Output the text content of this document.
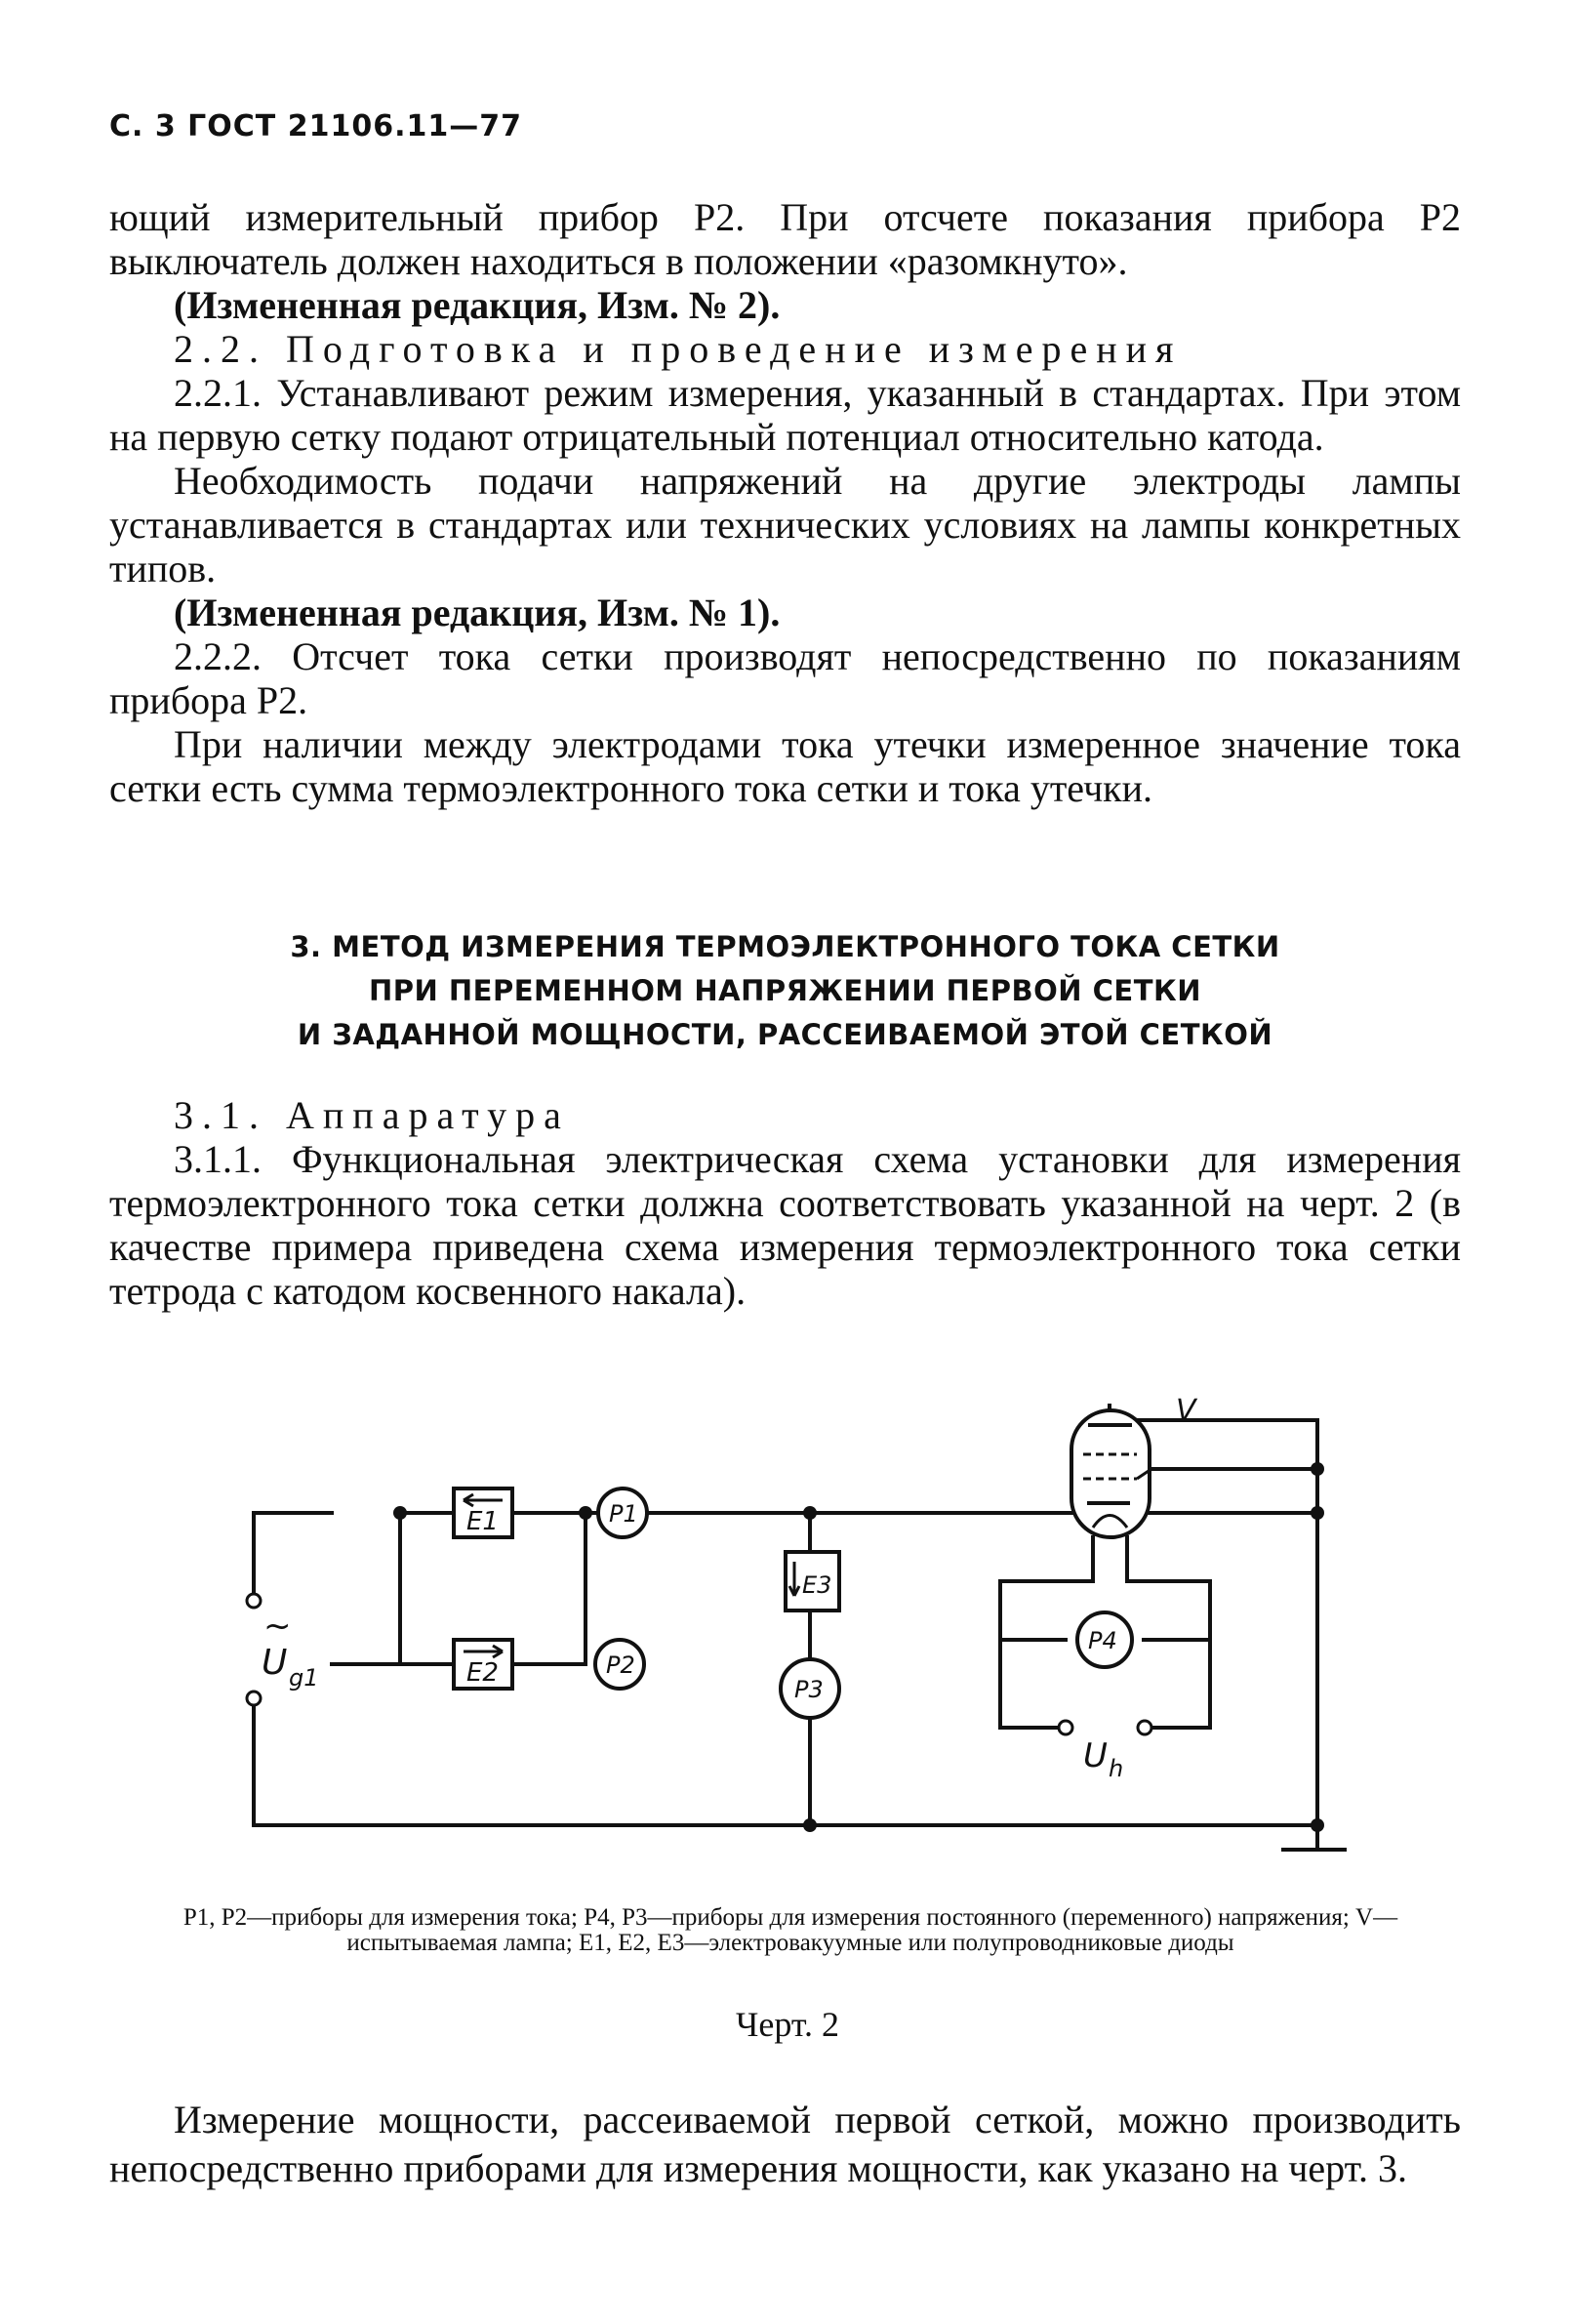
С. 3 ГОСТ 21106.11—77

ющий измерительный прибор Р2. При отсчете показания прибора Р2 выключатель должен находиться в положении «разомкнуто».

(Измененная редакция, Изм. № 2).

2.2. Подготовка и проведение измерения

2.2.1. Устанавливают режим измерения, указанный в стандартах. При этом на первую сетку подают отрицательный потенциал относительно катода.

Необходимость подачи напряжений на другие электроды лампы устанавливается в стандартах или технических условиях на лампы конкретных типов.

(Измененная редакция, Изм. № 1).

2.2.2. Отсчет тока сетки производят непосредственно по показаниям прибора Р2.

При наличии между электродами тока утечки измеренное значение тока сетки есть сумма термоэлектронного тока сетки и тока утечки.

3. МЕТОД ИЗМЕРЕНИЯ ТЕРМОЭЛЕКТРОННОГО ТОКА СЕТКИ
ПРИ ПЕРЕМЕННОМ НАПРЯЖЕНИИ ПЕРВОЙ СЕТКИ
И ЗАДАННОЙ МОЩНОСТИ, РАССЕИВАЕМОЙ ЭТОЙ СЕТКОЙ

3.1. Аппаратура

3.1.1. Функциональная электрическая схема установки для измерения термоэлектронного тока сетки должна соответствовать указанной на черт. 2 (в качестве примера приведена схема измерения термоэлектронного тока сетки тетрода с катодом косвенного накала).

E1
E2
E3
P1
P2
P3
P4
V
~
U g1
U h
P1, P2—приборы для измерения тока; P4, P3—приборы для измерения постоянного (переменного) напряжения; V—испытываемая лампа; E1, E2, E3—электровакуумные или полупроводниковые диоды
Черт. 2
Измерение мощности, рассеиваемой первой сеткой, можно производить непосредственно приборами для измерения мощности, как указано на черт. 3.
